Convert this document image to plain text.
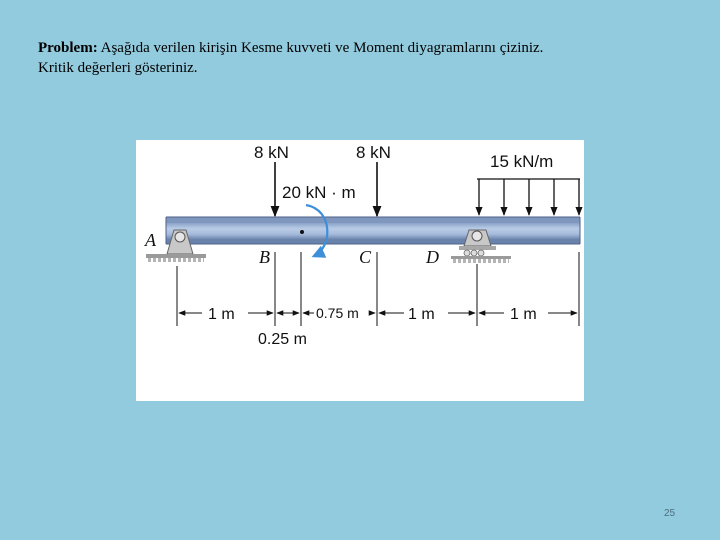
Problem: Aşağıda verilen kirişin Kesme kuvveti ve Moment diyagramlarını çiziniz.
Kritik değerleri gösteriniz.
8 kN	8 kN
20 kN · m
15 kN/m
A
B	C	D
1 m	0.75 m	1 m	1 m
0.25 m
25
